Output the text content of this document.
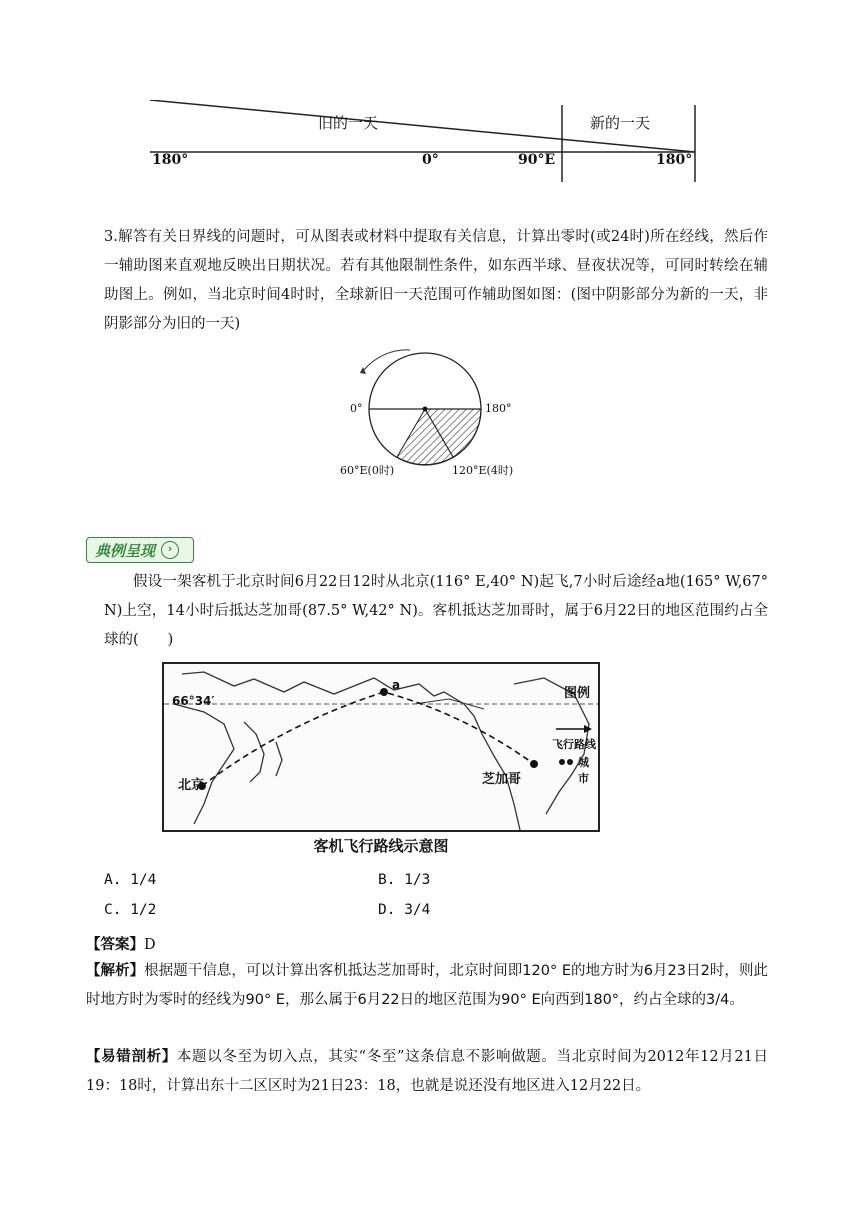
旧的一天	新的一天
180°	0°	90°E	180°

3.解答有关日界线的问题时，可从图表或材料中提取有关信息，计算出零时(或24时)所在经线，然后作一辅助图来直观地反映出日期状况。若有其他限制性条件，如东西半球、昼夜状况等，可同时转绘在辅助图上。例如，当北京时间4时时，全球新旧一天范围可作辅助图如图：(图中阴影部分为新的一天，非阴影部分为旧的一天)

0°	180°
60°E(0时)	120°E(4时)
典例呈现	›

假设一架客机于北京时间6月22日12时从北京(116° E,40° N)起飞,7小时后途经a地(165° W,67° N)上空，14小时后抵达芝加哥(87.5° W,42° N)。客机抵达芝加哥时，属于6月22日的地区范围约占全球的(　　)

66°34′
北京
a
芝加哥
图例
飞行路线
城市
客机飞行路线示意图
A. 1/4	B. 1/3
C. 1/2	D. 3/4
【答案】D

【解析】根据题干信息，可以计算出客机抵达芝加哥时，北京时间即120° E的地方时为6月23日2时，则此时地方时为零时的经线为90° E，那么属于6月22日的地区范围为90° E向西到180°，约占全球的3/4。

【易错剖析】本题以冬至为切入点，其实“冬至”这条信息不影响做题。当北京时间为2012年12月21日19：18时，计算出东十二区区时为21日23：18，也就是说还没有地区进入12月22日。
